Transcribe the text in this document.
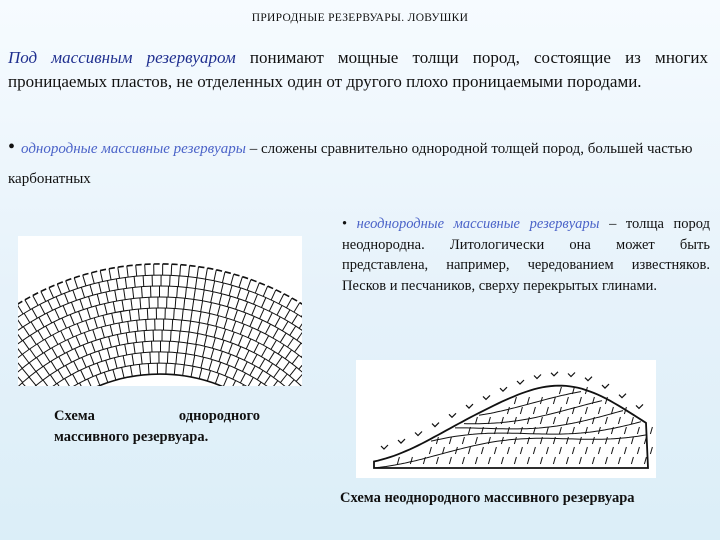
ПРИРОДНЫЕ РЕЗЕРВУАРЫ. ЛОВУШКИ
Под массивным резервуаром понимают мощные толщи пород, состоящие из многих проницаемых пластов, не отделенных один от другого плохо проницаемыми породами.
• однородные массивные резервуары – сложены сравнительно однородной толщей пород, большей частью карбонатных
• неоднородные массивные резервуары – толща пород неоднородна. Литологически она может быть представлена, например, чередованием известняков. Песков и песчаников, сверху перекрытых глинами.
Схема однородного
массивного резервуара.
Схема неоднородного массивного резервуара
